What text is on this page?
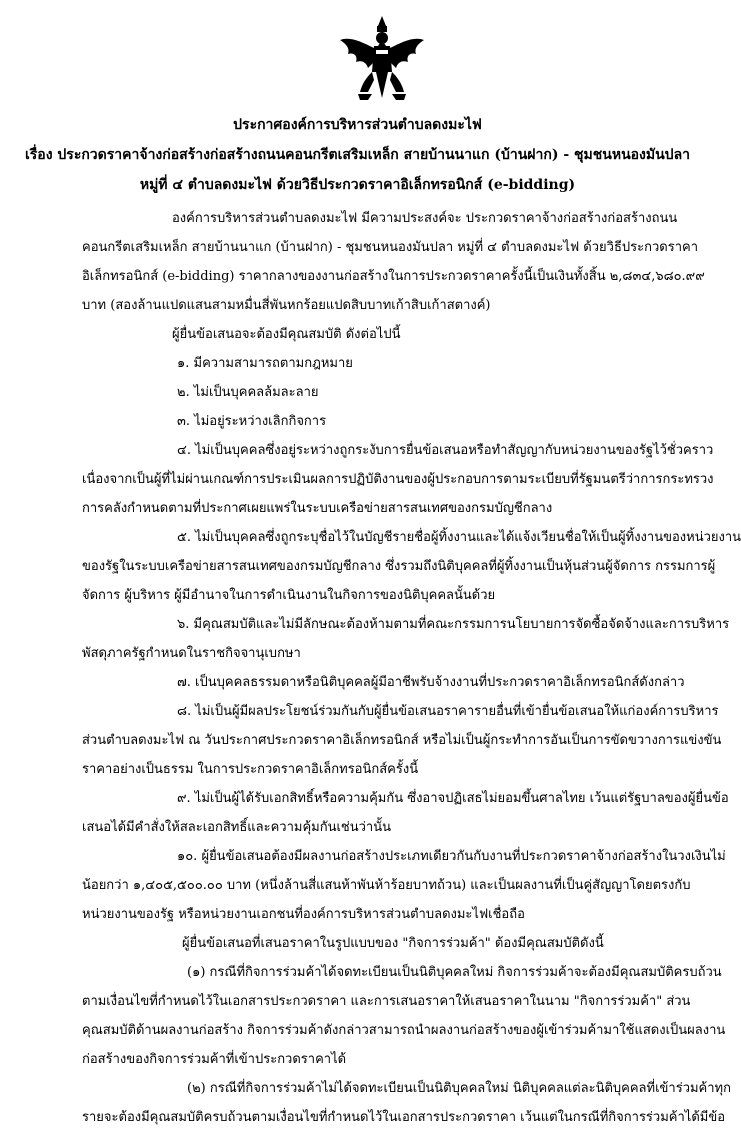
ประกาศองค์การบริหารส่วนตำบลดงมะไฟ
เรื่อง ประกวดราคาจ้างก่อสร้างก่อสร้างถนนคอนกรีตเสริมเหล็ก สายบ้านนาแก (บ้านฝาก) - ชุมชนหนองมันปลา
หมู่ที่ ๔ ตำบลดงมะไฟ ด้วยวิธีประกวดราคาอิเล็กทรอนิกส์ (e-bidding)
องค์การบริหารส่วนตำบลดงมะไฟ มีความประสงค์จะ ประกวดราคาจ้างก่อสร้างก่อสร้างถนน
คอนกรีตเสริมเหล็ก สายบ้านนาแก (บ้านฝาก) - ชุมชนหนองมันปลา หมู่ที่ ๔ ตำบลดงมะไฟ ด้วยวิธีประกวดราคา
อิเล็กทรอนิกส์ (e-bidding) ราคากลางของงานก่อสร้างในการประกวดราคาครั้งนี้เป็นเงินทั้งสิ้น ๒,๘๓๔,๖๘๐.๙๙
บาท (สองล้านแปดแสนสามหมื่นสี่พันหกร้อยแปดสิบบาทเก้าสิบเก้าสตางค์)
ผู้ยื่นข้อเสนอจะต้องมีคุณสมบัติ ดังต่อไปนี้
๑. มีความสามารถตามกฎหมาย
๒. ไม่เป็นบุคคลล้มละลาย
๓. ไม่อยู่ระหว่างเลิกกิจการ
๔. ไม่เป็นบุคคลซึ่งอยู่ระหว่างถูกระงับการยื่นข้อเสนอหรือทำสัญญากับหน่วยงานของรัฐไว้ชั่วคราว
เนื่องจากเป็นผู้ที่ไม่ผ่านเกณฑ์การประเมินผลการปฏิบัติงานของผู้ประกอบการตามระเบียบที่รัฐมนตรีว่าการกระทรวง
การคลังกำหนดตามที่ประกาศเผยแพร่ในระบบเครือข่ายสารสนเทศของกรมบัญชีกลาง
๕. ไม่เป็นบุคคลซึ่งถูกระบุชื่อไว้ในบัญชีรายชื่อผู้ทิ้งงานและได้แจ้งเวียนชื่อให้เป็นผู้ทิ้งงานของหน่วยงาน
ของรัฐในระบบเครือข่ายสารสนเทศของกรมบัญชีกลาง ซึ่งรวมถึงนิติบุคคลที่ผู้ทิ้งงานเป็นหุ้นส่วนผู้จัดการ กรรมการผู้
จัดการ ผู้บริหาร ผู้มีอำนาจในการดำเนินงานในกิจการของนิติบุคคลนั้นด้วย
๖. มีคุณสมบัติและไม่มีลักษณะต้องห้ามตามที่คณะกรรมการนโยบายการจัดซื้อจัดจ้างและการบริหาร
พัสดุภาครัฐกำหนดในราชกิจจานุเบกษา
๗. เป็นบุคคลธรรมดาหรือนิติบุคคลผู้มีอาชีพรับจ้างงานที่ประกวดราคาอิเล็กทรอนิกส์ดังกล่าว
๘. ไม่เป็นผู้มีผลประโยชน์ร่วมกันกับผู้ยื่นข้อเสนอราคารายอื่นที่เข้ายื่นข้อเสนอให้แก่องค์การบริหาร
ส่วนตำบลดงมะไฟ ณ วันประกาศประกวดราคาอิเล็กทรอนิกส์ หรือไม่เป็นผู้กระทำการอันเป็นการขัดขวางการแข่งขัน
ราคาอย่างเป็นธรรม ในการประกวดราคาอิเล็กทรอนิกส์ครั้งนี้
๙. ไม่เป็นผู้ได้รับเอกสิทธิ์หรือความคุ้มกัน ซึ่งอาจปฏิเสธไม่ยอมขึ้นศาลไทย เว้นแต่รัฐบาลของผู้ยื่นข้อ
เสนอได้มีคำสั่งให้สละเอกสิทธิ์และความคุ้มกันเช่นว่านั้น
๑๐. ผู้ยื่นข้อเสนอต้องมีผลงานก่อสร้างประเภทเดียวกันกับงานที่ประกวดราคาจ้างก่อสร้างในวงเงินไม่
น้อยกว่า ๑,๔๐๕,๕๐๐.๐๐ บาท (หนึ่งล้านสี่แสนห้าพันห้าร้อยบาทถ้วน) และเป็นผลงานที่เป็นคู่สัญญาโดยตรงกับ
หน่วยงานของรัฐ หรือหน่วยงานเอกชนที่องค์การบริหารส่วนตำบลดงมะไฟเชื่อถือ
ผู้ยื่นข้อเสนอที่เสนอราคาในรูปแบบของ "กิจการร่วมค้า" ต้องมีคุณสมบัติดังนี้
(๑) กรณีที่กิจการร่วมค้าได้จดทะเบียนเป็นนิติบุคคลใหม่ กิจการร่วมค้าจะต้องมีคุณสมบัติครบถ้วน
ตามเงื่อนไขที่กำหนดไว้ในเอกสารประกวดราคา และการเสนอราคาให้เสนอราคาในนาม "กิจการร่วมค้า" ส่วน
คุณสมบัติด้านผลงานก่อสร้าง กิจการร่วมค้าดังกล่าวสามารถนำผลงานก่อสร้างของผู้เข้าร่วมค้ามาใช้แสดงเป็นผลงาน
ก่อสร้างของกิจการร่วมค้าที่เข้าประกวดราคาได้
(๒) กรณีที่กิจการร่วมค้าไม่ได้จดทะเบียนเป็นนิติบุคคลใหม่ นิติบุคคลแต่ละนิติบุคคลที่เข้าร่วมค้าทุก
รายจะต้องมีคุณสมบัติครบถ้วนตามเงื่อนไขที่กำหนดไว้ในเอกสารประกวดราคา เว้นแต่ในกรณีที่กิจการร่วมค้าได้มีข้อ
